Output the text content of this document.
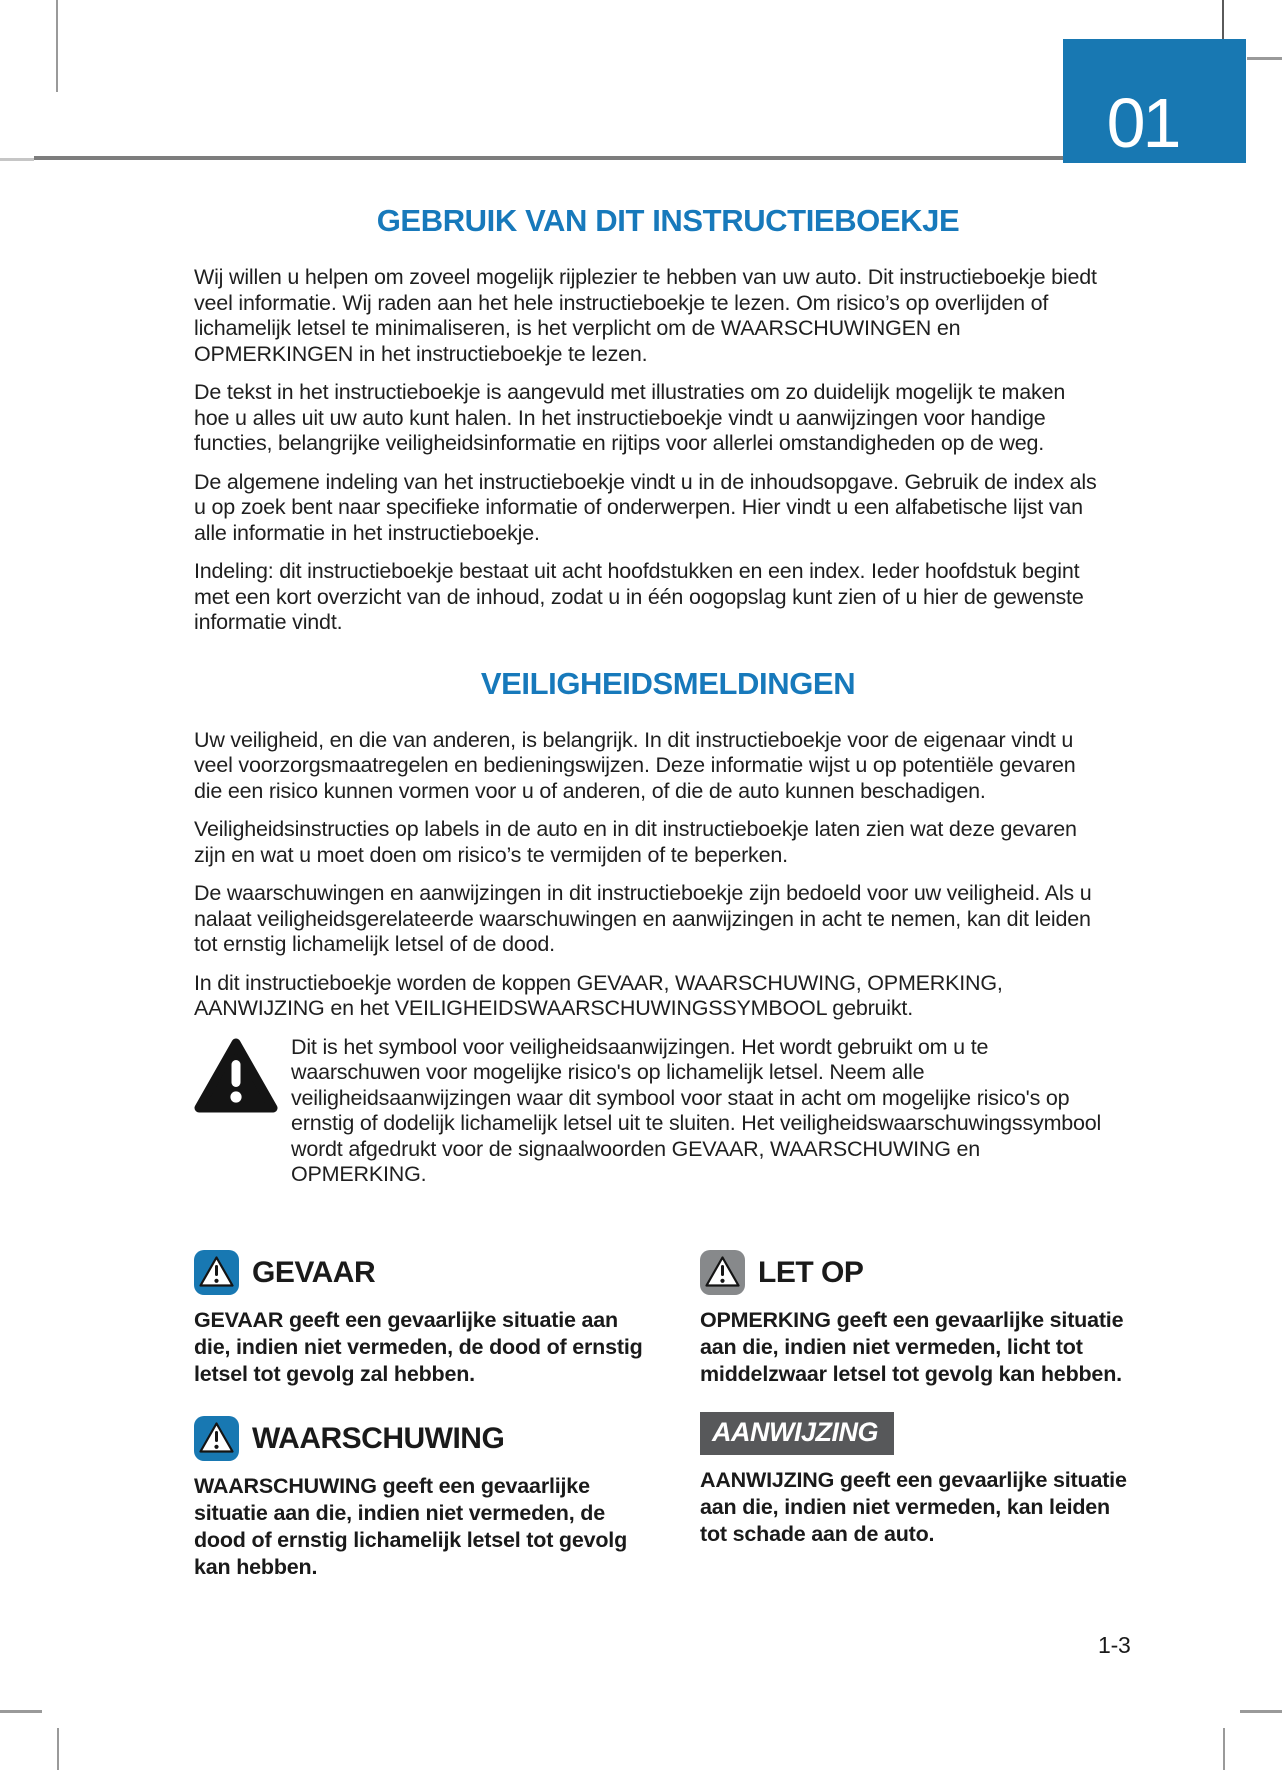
01
GEBRUIK VAN DIT INSTRUCTIEBOEKJE

Wij willen u helpen om zoveel mogelijk rijplezier te hebben van uw auto. Dit instructieboekje biedt veel informatie. Wij raden aan het hele instructieboekje te lezen. Om risico’s op overlijden of lichamelijk letsel te minimaliseren, is het verplicht om de WAARSCHUWINGEN en OPMERKINGEN in het instructieboekje te lezen.

De tekst in het instructieboekje is aangevuld met illustraties om zo duidelijk mogelijk te maken hoe u alles uit uw auto kunt halen. In het instructieboekje vindt u aanwijzingen voor handige functies, belangrijke veiligheidsinformatie en rijtips voor allerlei omstandigheden op de weg.

De algemene indeling van het instructieboekje vindt u in de inhoudsopgave. Gebruik de index als u op zoek bent naar specifieke informatie of onderwerpen. Hier vindt u een alfabetische lijst van alle informatie in het instructieboekje.

Indeling: dit instructieboekje bestaat uit acht hoofdstukken en een index. Ieder hoofdstuk begint met een kort overzicht van de inhoud, zodat u in één oogopslag kunt zien of u hier de gewenste informatie vindt.

VEILIGHEIDSMELDINGEN

Uw veiligheid, en die van anderen, is belangrijk. In dit instructieboekje voor de eigenaar vindt u veel voorzorgsmaatregelen en bedieningswijzen. Deze informatie wijst u op potentiële gevaren die een risico kunnen vormen voor u of anderen, of die de auto kunnen beschadigen.

Veiligheidsinstructies op labels in de auto en in dit instructieboekje laten zien wat deze gevaren zijn en wat u moet doen om risico’s te vermijden of te beperken.

De waarschuwingen en aanwijzingen in dit instructieboekje zijn bedoeld voor uw veiligheid. Als u nalaat veiligheidsgerelateerde waarschuwingen en aanwijzingen in acht te nemen, kan dit leiden tot ernstig lichamelijk letsel of de dood.

In dit instructieboekje worden de koppen GEVAAR, WAARSCHUWING, OPMERKING, AANWIJZING en het VEILIGHEIDSWAARSCHUWINGSSYMBOOL gebruikt.

Dit is het symbool voor veiligheidsaanwijzingen. Het wordt gebruikt om u te waarschuwen voor mogelijke risico's op lichamelijk letsel. Neem alle veiligheidsaanwijzingen waar dit symbool voor staat in acht om mogelijke risico's op ernstig of dodelijk lichamelijk letsel uit te sluiten. Het veiligheidswaarschuwingssymbool wordt afgedrukt voor de signaalwoorden GEVAAR, WAARSCHUWING en OPMERKING.

GEVAAR

GEVAAR geeft een gevaarlijke situatie aan die, indien niet vermeden, de dood of ernstig letsel tot gevolg zal hebben.

WAARSCHUWING

WAARSCHUWING geeft een gevaarlijke situatie aan die, indien niet vermeden, de dood of ernstig lichamelijk letsel tot gevolg kan hebben.

LET OP

OPMERKING geeft een gevaarlijke situatie aan die, indien niet vermeden, licht tot middelzwaar letsel tot gevolg kan hebben.

AANWIJZING

AANWIJZING geeft een gevaarlijke situatie aan die, indien niet vermeden, kan leiden tot schade aan de auto.

1-3
